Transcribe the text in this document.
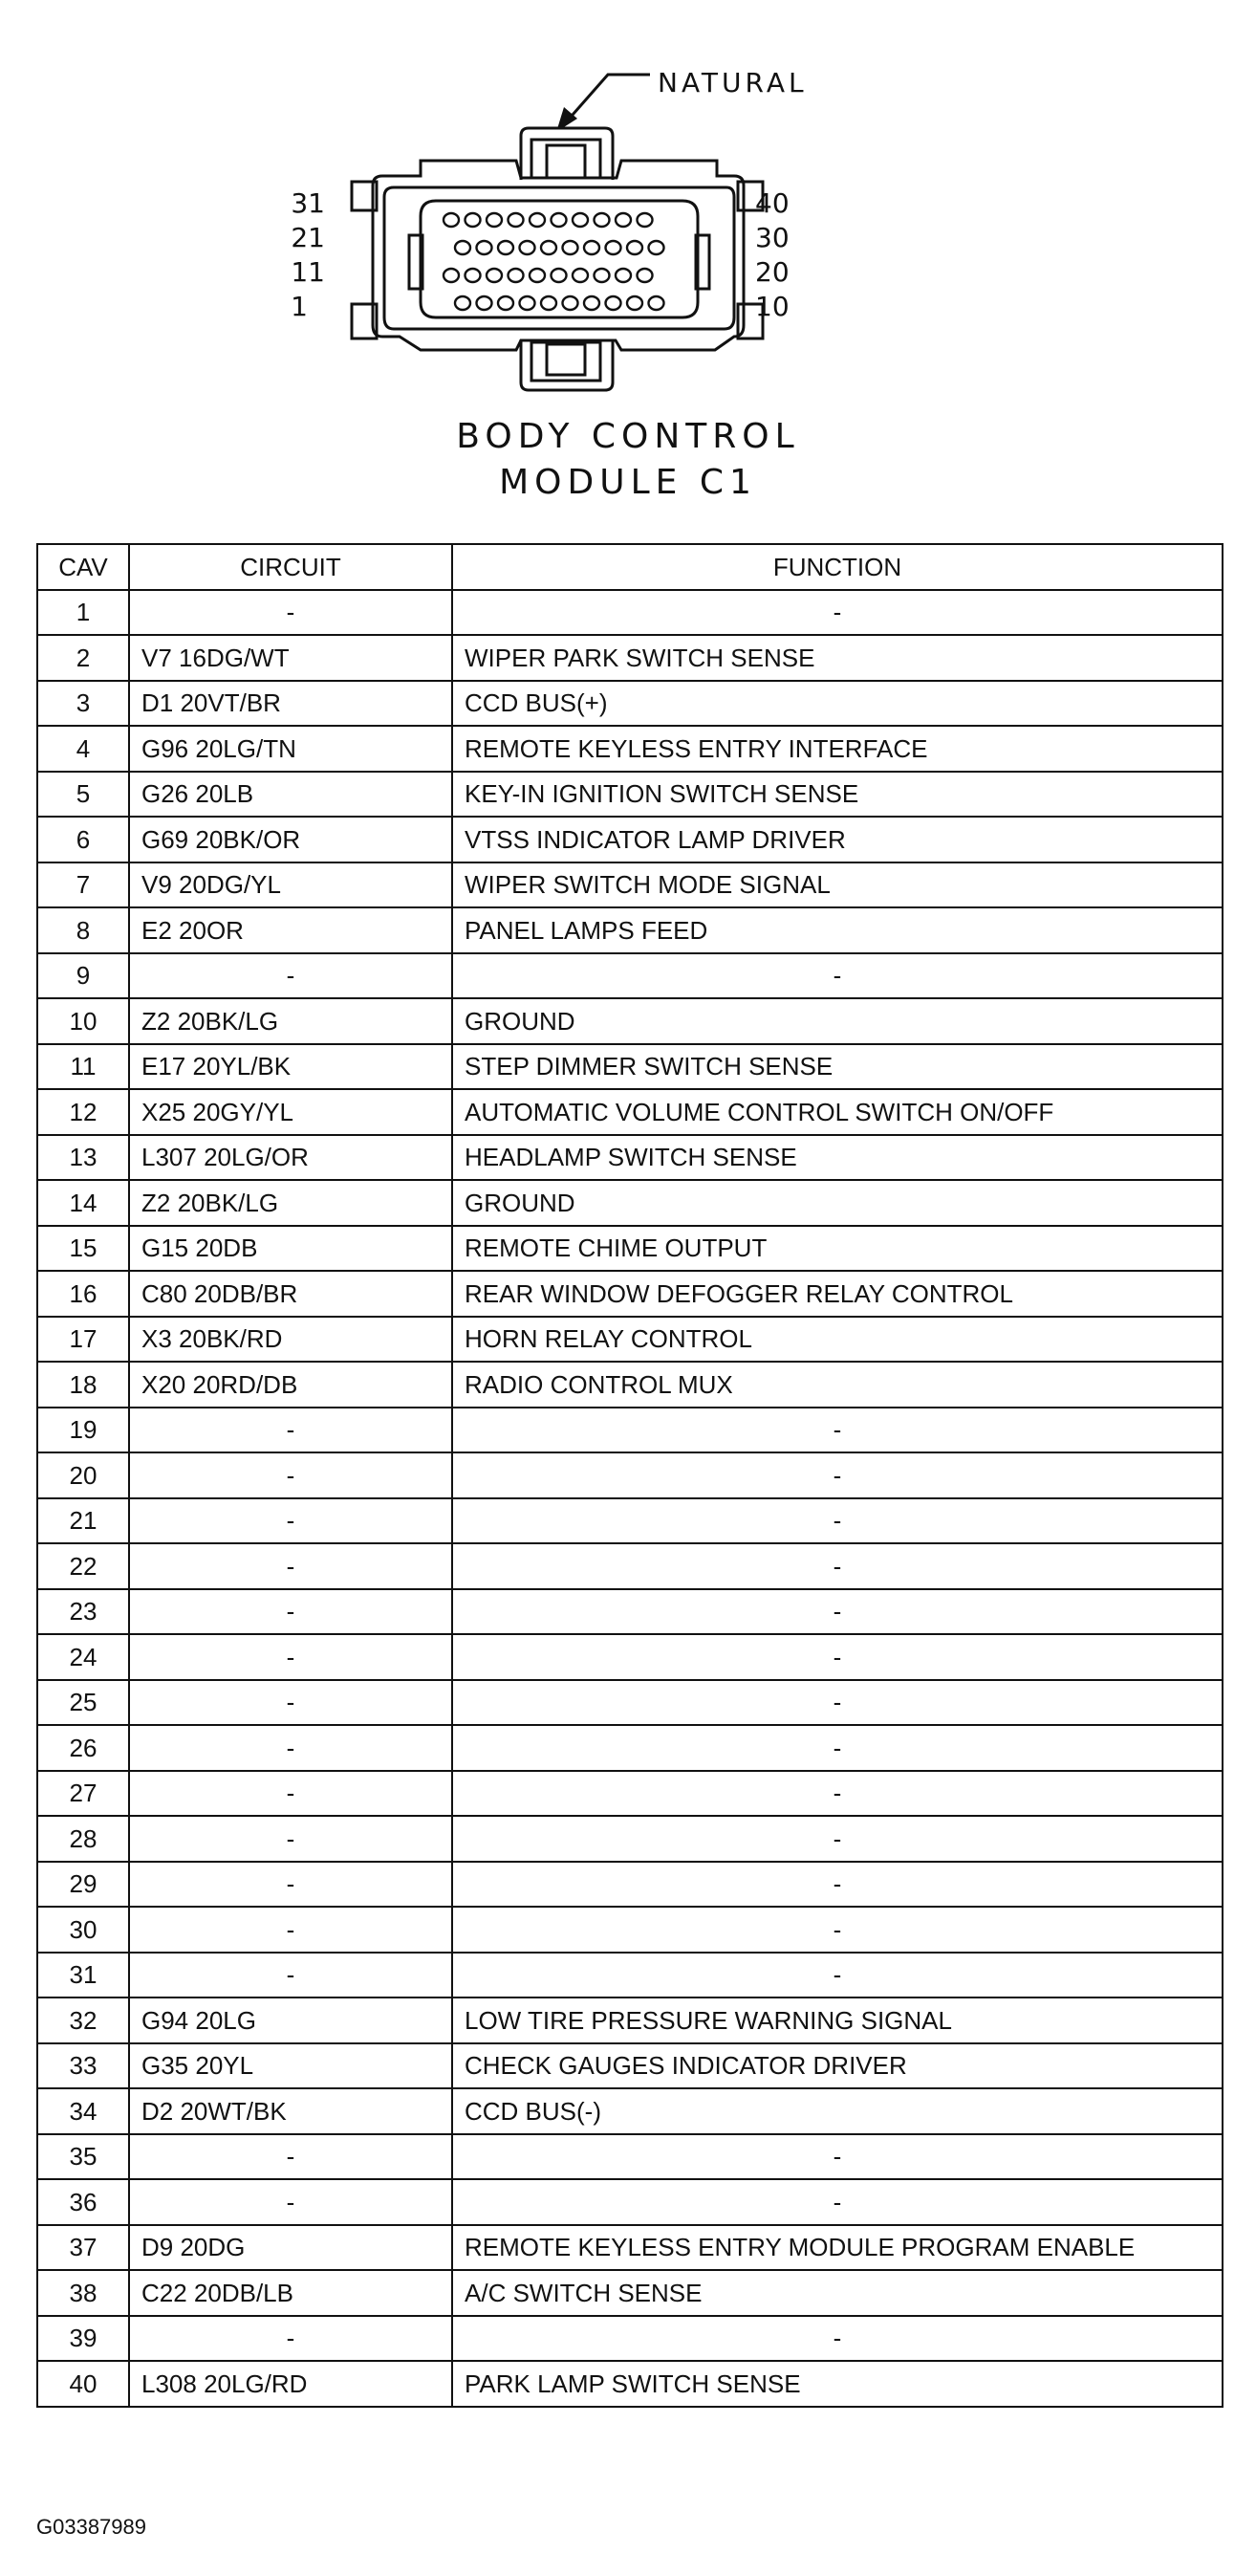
NATURAL
31
21
11
1
40
30
20
10
BODY CONTROL
MODULE C1
CAV	CIRCUIT	FUNCTION
1	-	-
2	V7 16DG/WT	WIPER PARK SWITCH SENSE
3	D1 20VT/BR	CCD BUS(+)
4	G96 20LG/TN	REMOTE KEYLESS ENTRY INTERFACE
5	G26 20LB	KEY-IN IGNITION SWITCH SENSE
6	G69 20BK/OR	VTSS INDICATOR LAMP DRIVER
7	V9 20DG/YL	WIPER SWITCH MODE SIGNAL
8	E2 20OR	PANEL LAMPS FEED
9	-	-
10	Z2 20BK/LG	GROUND
11	E17 20YL/BK	STEP DIMMER SWITCH SENSE
12	X25 20GY/YL	AUTOMATIC VOLUME CONTROL SWITCH ON/OFF
13	L307 20LG/OR	HEADLAMP SWITCH SENSE
14	Z2 20BK/LG	GROUND
15	G15 20DB	REMOTE CHIME OUTPUT
16	C80 20DB/BR	REAR WINDOW DEFOGGER RELAY CONTROL
17	X3 20BK/RD	HORN RELAY CONTROL
18	X20 20RD/DB	RADIO CONTROL MUX
19	-	-
20	-	-
21	-	-
22	-	-
23	-	-
24	-	-
25	-	-
26	-	-
27	-	-
28	-	-
29	-	-
30	-	-
31	-	-
32	G94 20LG	LOW TIRE PRESSURE WARNING SIGNAL
33	G35 20YL	CHECK GAUGES INDICATOR DRIVER
34	D2 20WT/BK	CCD BUS(-)
35	-	-
36	-	-
37	D9 20DG	REMOTE KEYLESS ENTRY MODULE PROGRAM ENABLE
38	C22 20DB/LB	A/C SWITCH SENSE
39	-	-
40	L308 20LG/RD	PARK LAMP SWITCH SENSE
G03387989
